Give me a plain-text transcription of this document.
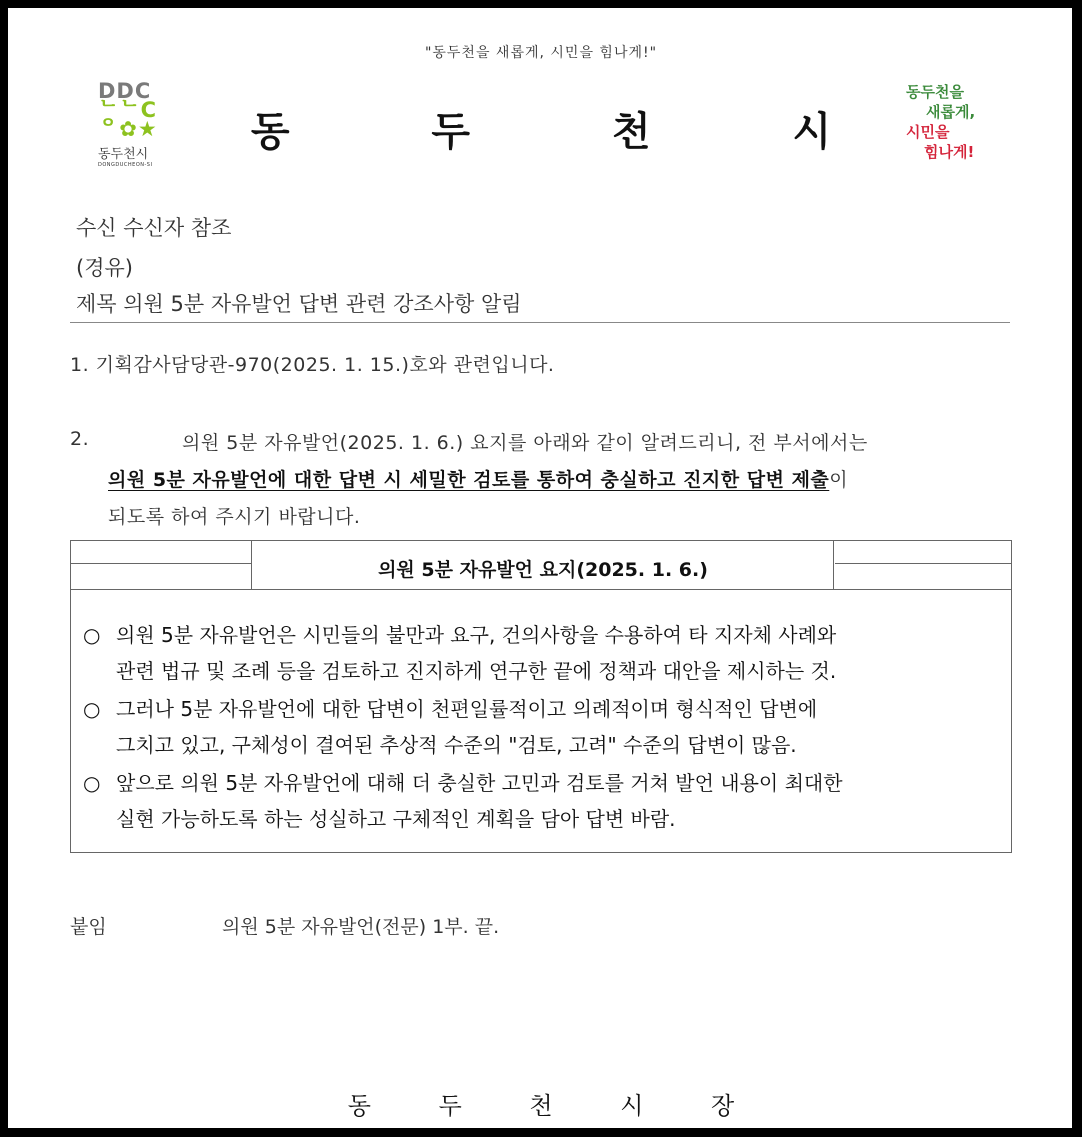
"동두천을 새롭게, 시민을 힘나게!"
DDC
ᄂᄂC
ᄋ✿★
동두천시
DONGDUCHEON-SI
동 두 천 시
동두천을
새롭게,
시민을
힘나게!
수신 수신자 참조
(경유)
제목 의원 5분 자유발언 답변 관련 강조사항 알림
1. 기획감사담당관-970(2025. 1. 15.)호와 관련입니다.
2.	의원 5분 자유발언(2025. 1. 6.) 요지를 아래와 같이 알려드리니, 전 부서에서는
의원 5분 자유발언에 대한 답변 시 세밀한 검토를 통하여 충실하고 진지한 답변 제출이
되도록 하여 주시기 바랍니다.
의원 5분 자유발언 요지(2025. 1. 6.)
○ 의원 5분 자유발언은 시민들의 불만과 요구, 건의사항을 수용하여 타 지자체 사례와
관련 법규 및 조례 등을 검토하고 진지하게 연구한 끝에 정책과 대안을 제시하는 것.
○ 그러나 5분 자유발언에 대한 답변이 천편일률적이고 의례적이며 형식적인 답변에
그치고 있고, 구체성이 결여된 추상적 수준의 "검토, 고려" 수준의 답변이 많음.
○ 앞으로 의원 5분 자유발언에 대해 더 충실한 고민과 검토를 거쳐 발언 내용이 최대한
실현 가능하도록 하는 성실하고 구체적인 계획을 담아 답변 바람.
붙임	의원 5분 자유발언(전문) 1부. 끝.
동 두 천 시 장
